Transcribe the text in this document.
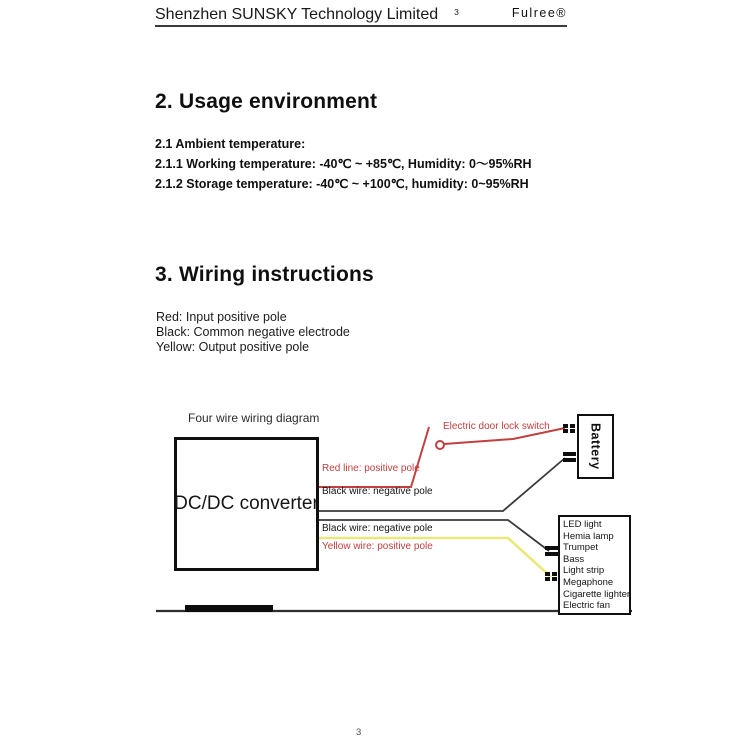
Shenzhen SUNSKY Technology Limited $^3$	Fulree®
2. Usage environment
2.1 Ambient temperature:
2.1.1 Working temperature: -40℃ ~ +85℃, Humidity: 0～95%RH
2.1.2 Storage temperature: -40℃ ~ +100℃, humidity: 0~95%RH
3. Wiring instructions
Red: Input positive pole
Black: Common negative electrode
Yellow: Output positive pole
Four wire wiring diagram
DC/DC converter
Battery
LED light
Hemia lamp
Trumpet
Bass
Light strip
Megaphone
Cigarette lighter
Electric fan
Red line: positive pole
Black wire: negative pole
Black wire: negative pole
Yellow wire: positive pole
Electric door lock switch
3
